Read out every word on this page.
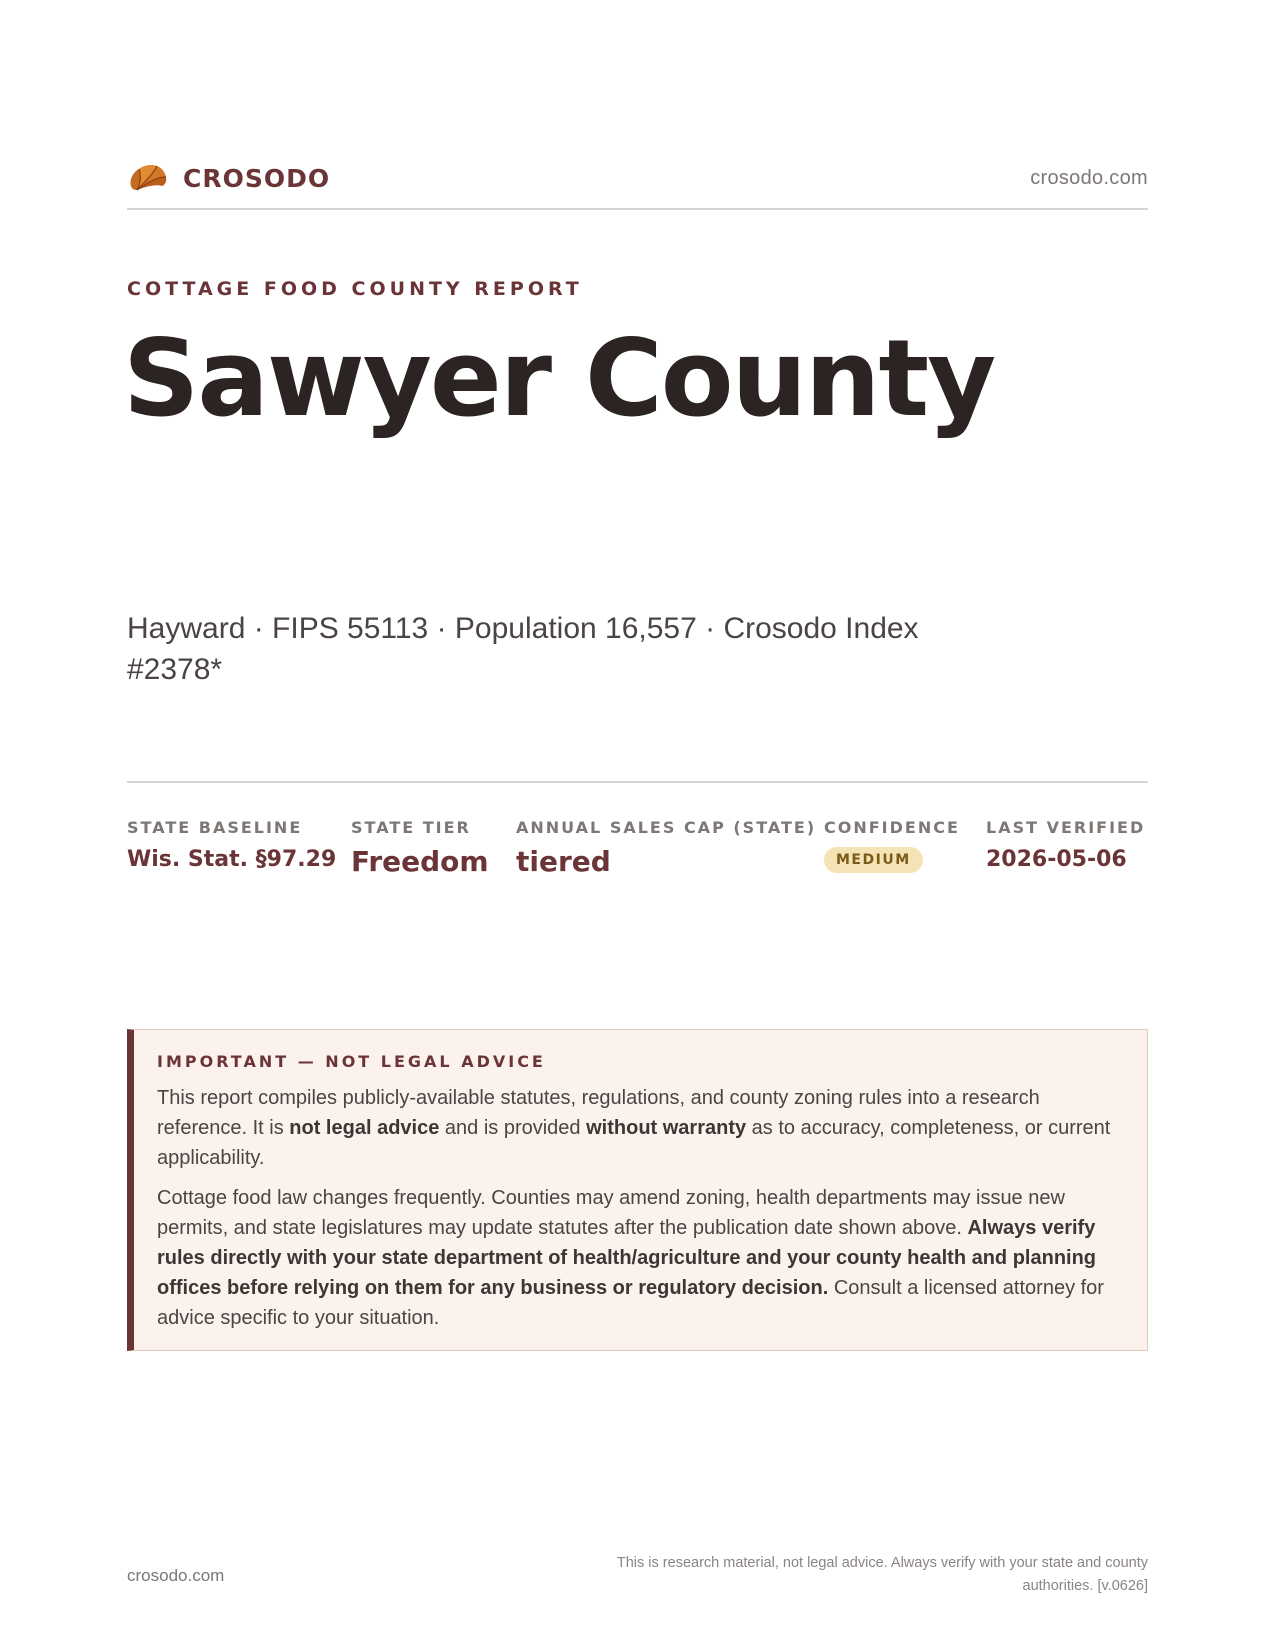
CROSODO	crosodo.com
COTTAGE FOOD COUNTY REPORT
Sawyer County
Hayward · FIPS 55113 · Population 16,557 · Crosodo Index #2378*
STATE BASELINE
Wis. Stat. §97.29
STATE TIER
Freedom
ANNUAL SALES CAP (STATE)
tiered
CONFIDENCE
MEDIUM
LAST VERIFIED
2026-05-06
IMPORTANT — NOT LEGAL ADVICE

This report compiles publicly-available statutes, regulations, and county zoning rules into a research reference. It is not legal advice and is provided without warranty as to accuracy, completeness, or current applicability.

Cottage food law changes frequently. Counties may amend zoning, health departments may issue new permits, and state legislatures may update statutes after the publication date shown above. Always verify rules directly with your state department of health/agriculture and your county health and planning offices before relying on them for any business or regulatory decision. Consult a licensed attorney for advice specific to your situation.

crosodo.com
This is research material, not legal advice. Always verify with your state and county authorities. [v.0626]
